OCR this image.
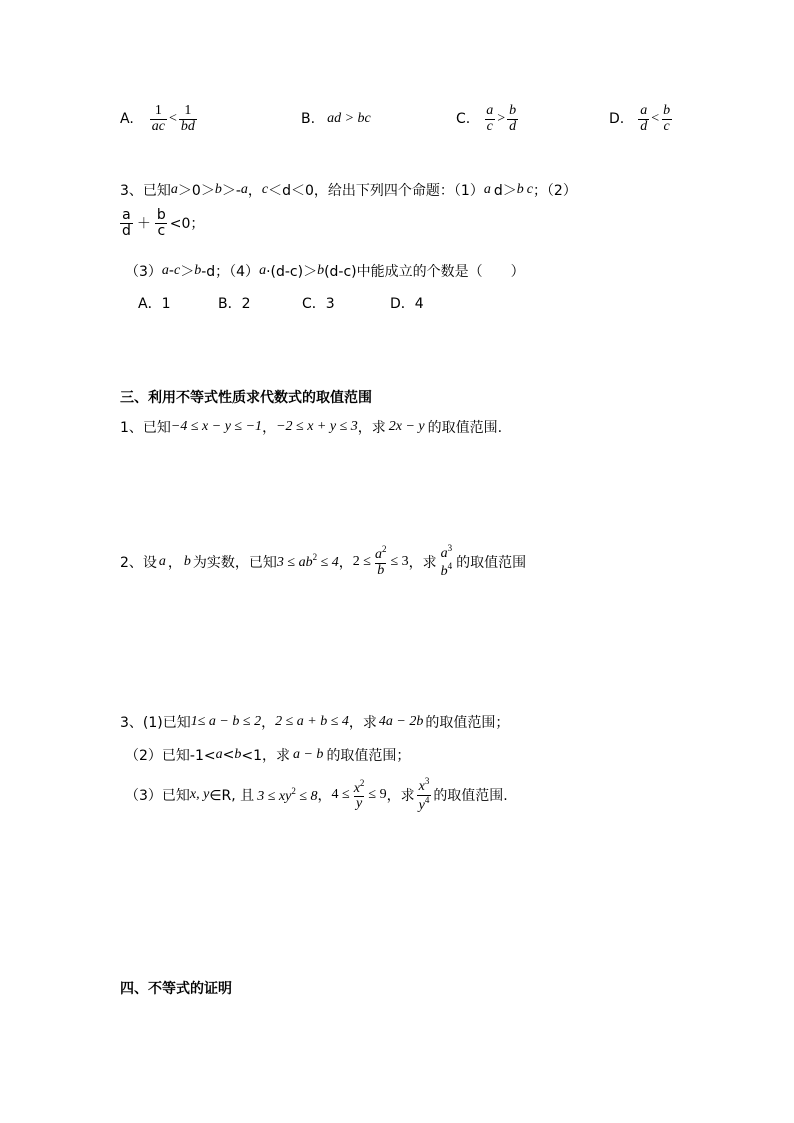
A. $\frac{1}{ac} < \frac{1}{bd}$	B. ad > bc	C. $\frac{a}{c} > \frac{b}{d}$	D. $\frac{a}{d} < \frac{b}{c}$
3、已知 a ＞0＞ b ＞- a ， c ＜d＜0，给出下列四个命题：（1） a d＞ b c ；（2）
$\frac{a}{d} + \frac{b}{c} <0$；
（3） a - c ＞ b -d；（4） a ·(d-c)＞ b (d-c)中能成立的个数是（　　）
A．1	B．2	C．3	D．4
三、利用不等式性质求代数式的取值范围
1、已知 −4 ≤ x − y ≤ −1 ， −2 ≤ x + y ≤ 3 ，求 2x − y 的取值范围.
2、设 a ， b 为实数，已知 $3 \le ab^2 \le 4$ ， $2 \le \frac{a^2}{b} \le 3$ ，求
$a^3$
$b^4$ 的取值范围
3、(1)已知 1≤ a − b ≤ 2 ， 2 ≤ a + b ≤ 4 ，求 4a − 2b 的取值范围；
（2）已知-1< a < b <1，求 a − b 的取值范围；
（3）已知 x, y ∈R, 且 $3 \le xy^2 \le 8$ ， $4 \le \frac{x^2}{y} \le 9$ ，求 $\frac{x^3}{y^4}$ 的取值范围.
四、不等式的证明
